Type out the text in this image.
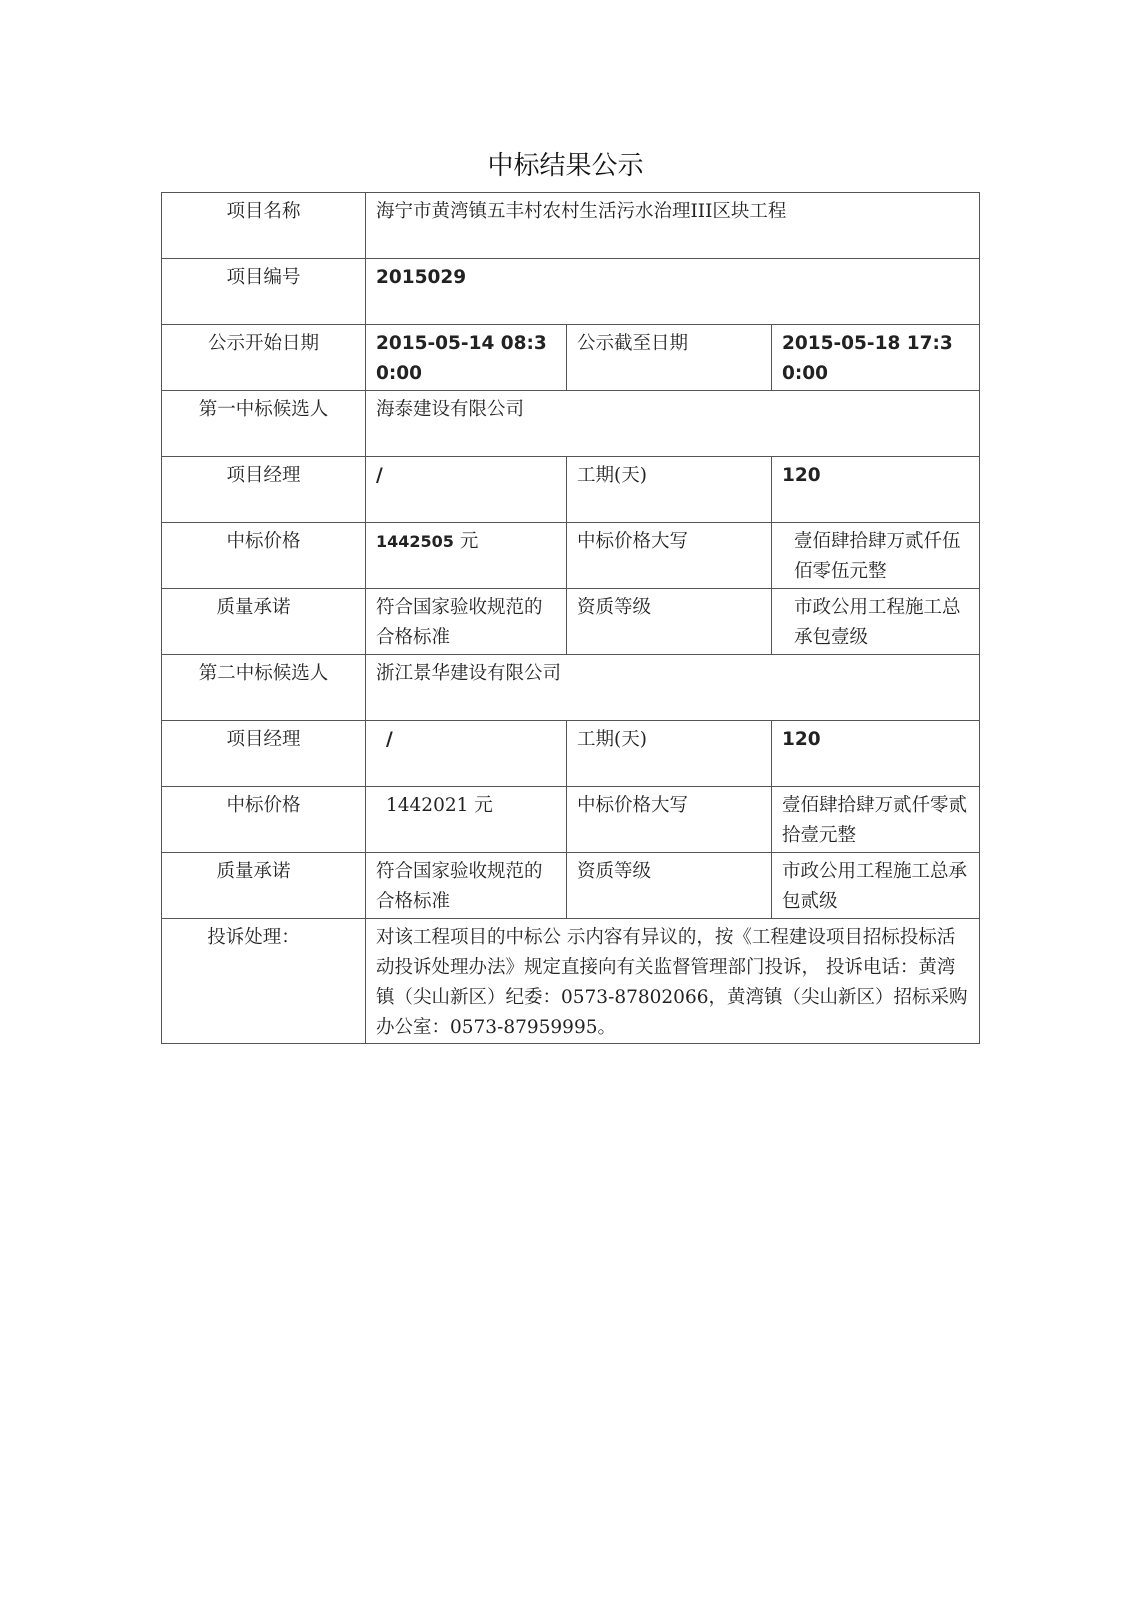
中标结果公示
项目名称	海宁市黄湾镇五丰村农村生活污水治理III区块工程		
项目编号	2015029		
公示开始日期	2015-05-14 08:30:00	公示截至日期	2015-05-18 17:30:00
第一中标候选人	海泰建设有限公司		
项目经理	/	工期(天)	120
中标价格	1442505 元	中标价格大写	壹佰肆拾肆万贰仟伍佰零伍元整
质量承诺	符合国家验收规范的合格标准	资质等级	市政公用工程施工总承包壹级
第二中标候选人	浙江景华建设有限公司		
项目经理	/	工期(天)	120
中标价格	1442021 元	中标价格大写	壹佰肆拾肆万贰仟零贰拾壹元整
质量承诺	符合国家验收规范的合格标准	资质等级	市政公用工程施工总承包贰级
投诉处理：	对该工程项目的中标公 示内容有异议的，按《工程建设项目招标投标活动投诉处理办法》规定直接向有关监督管理部门投诉， 投诉电话：黄湾镇（尖山新区）纪委：0573-87802066，黄湾镇（尖山新区）招标采购办公室：0573-87959995。		
